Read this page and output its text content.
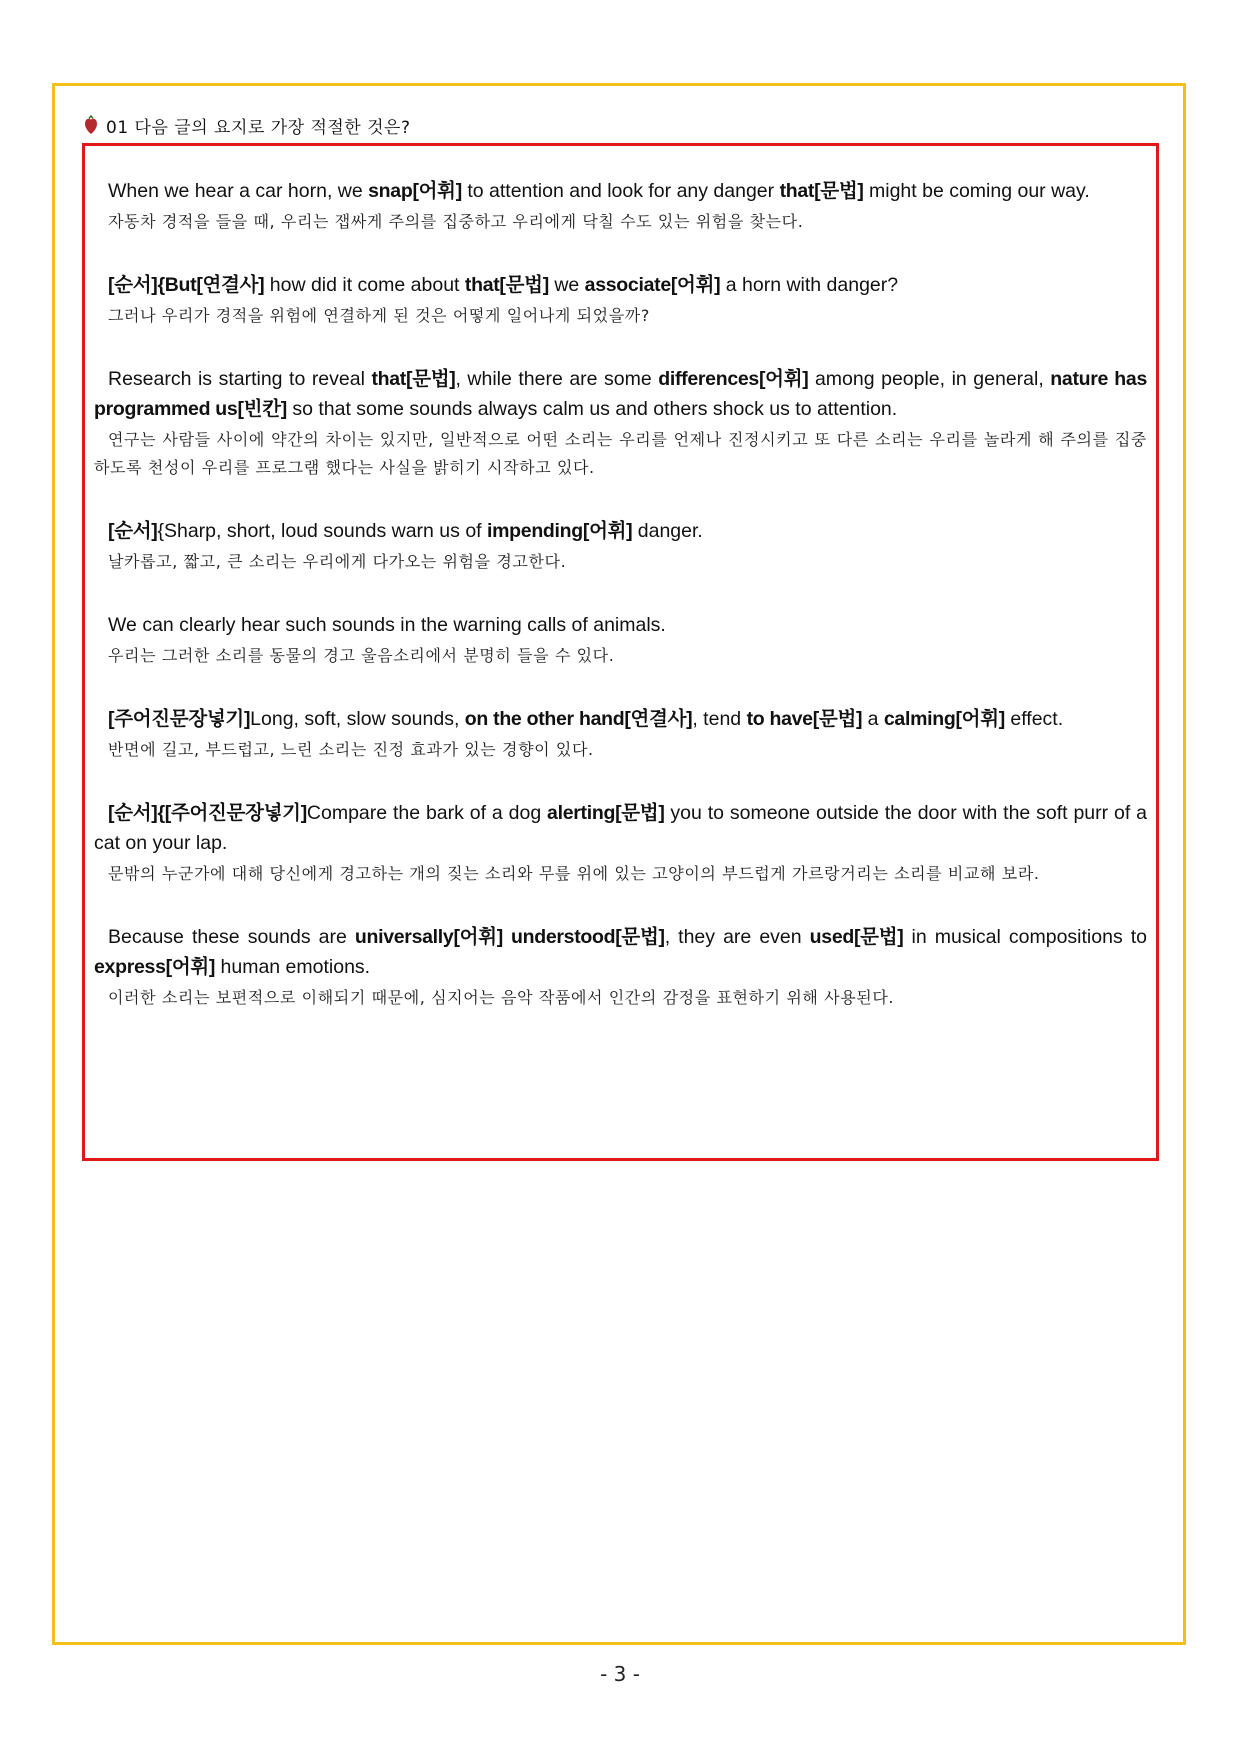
01 다음 글의 요지로 가장 적절한 것은?

When we hear a car horn, we snap[어휘] to attention and look for any danger that[문법] might be coming our way.

자동차 경적을 들을 때, 우리는 잽싸게 주의를 집중하고 우리에게 닥칠 수도 있는 위험을 찾는다.

[순서]{But[연결사] how did it come about that[문법] we associate[어휘] a horn with danger?

그러나 우리가 경적을 위험에 연결하게 된 것은 어떻게 일어나게 되었을까?

Research is starting to reveal that[문법], while there are some differences[어휘] among people, in general, nature has programmed us[빈칸] so that some sounds always calm us and others shock us to attention.

연구는 사람들 사이에 약간의 차이는 있지만, 일반적으로 어떤 소리는 우리를 언제나 진정시키고 또 다른 소리는 우리를 놀라게 해 주의를 집중 하도록 천성이 우리를 프로그램 했다는 사실을 밝히기 시작하고 있다.

[순서]{Sharp, short, loud sounds warn us of impending[어휘] danger.

날카롭고, 짧고, 큰 소리는 우리에게 다가오는 위험을 경고한다.

We can clearly hear such sounds in the warning calls of animals.

우리는 그러한 소리를 동물의 경고 울음소리에서 분명히 들을 수 있다.

[주어진문장넣기]Long, soft, slow sounds, on the other hand[연결사], tend to have[문법] a calming[어휘] effect.

반면에 길고, 부드럽고, 느린 소리는 진정 효과가 있는 경향이 있다.

[순서]{[주어진문장넣기]Compare the bark of a dog alerting[문법] you to someone outside the door with the soft purr of a cat on your lap.

문밖의 누군가에 대해 당신에게 경고하는 개의 짖는 소리와 무릎 위에 있는 고양이의 부드럽게 가르랑거리는 소리를 비교해 보라.

Because these sounds are universally[어휘] understood[문법], they are even used[문법] in musical compositions to express[어휘] human emotions.

이러한 소리는 보편적으로 이해되기 때문에, 심지어는 음악 작품에서 인간의 감정을 표현하기 위해 사용된다.

- 3 -
